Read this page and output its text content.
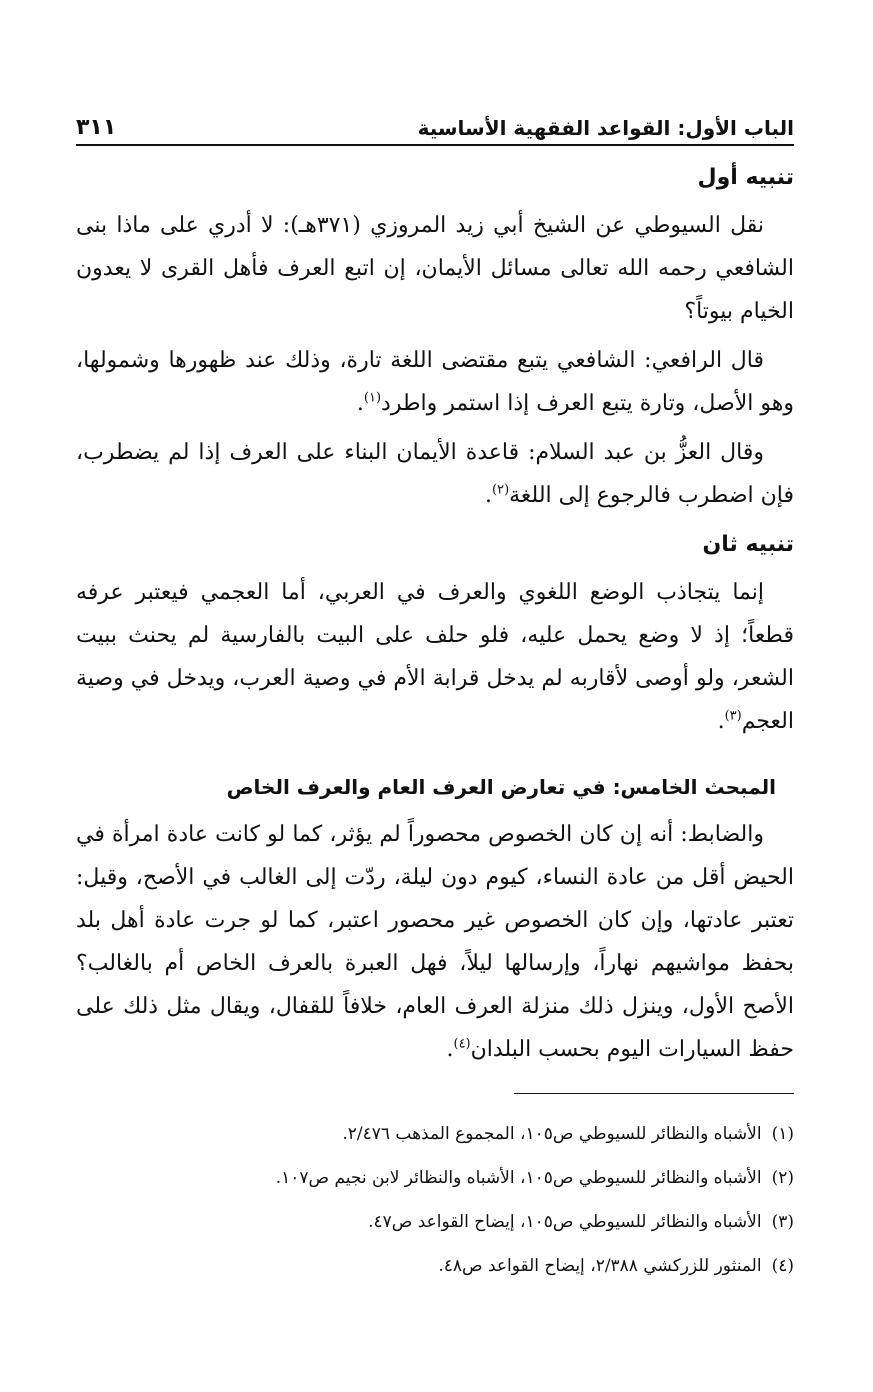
الباب الأول: القواعد الفقهية الأساسية
٣١١
تنبيه أول

نقل السيوطي عن الشيخ أبي زيد المروزي (٣٧١هـ): لا أدري على ماذا بنى الشافعي رحمه الله تعالى مسائل الأيمان، إن اتبع العرف فأهل القرى لا يعدون الخيام بيوتاً؟

قال الرافعي: الشافعي يتبع مقتضى اللغة تارة، وذلك عند ظهورها وشمولها، وهو الأصل، وتارة يتبع العرف إذا استمر واطرد$^{(١)}$.

وقال العزُّ بن عبد السلام: قاعدة الأيمان البناء على العرف إذا لم يضطرب، فإن اضطرب فالرجوع إلى اللغة$^{(٢)}$.

تنبيه ثان

إنما يتجاذب الوضع اللغوي والعرف في العربي، أما العجمي فيعتبر عرفه قطعاً؛ إذ لا وضع يحمل عليه، فلو حلف على البيت بالفارسية لم يحنث ببيت الشعر، ولو أوصى لأقاربه لم يدخل قرابة الأم في وصية العرب، ويدخل في وصية العجم$^{(٣)}$.

المبحث الخامس: في تعارض العرف العام والعرف الخاص

والضابط: أنه إن كان الخصوص محصوراً لم يؤثر، كما لو كانت عادة امرأة في الحيض أقل من عادة النساء، كيوم دون ليلة، ردّت إلى الغالب في الأصح، وقيل: تعتبر عادتها، وإن كان الخصوص غير محصور اعتبر، كما لو جرت عادة أهل بلد بحفظ مواشيهم نهاراً، وإرسالها ليلاً، فهل العبرة بالعرف الخاص أم بالغالب؟ الأصح الأول، وينزل ذلك منزلة العرف العام، خلافاً للقفال، ويقال مثل ذلك على حفظ السيارات اليوم بحسب البلدان$^{(٤)}$.

(١)الأشباه والنظائر للسيوطي ص١٠٥، المجموع المذهب ٢/٤٧٦.
(٢)الأشباه والنظائر للسيوطي ص١٠٥، الأشباه والنظائر لابن نجيم ص١٠٧.
(٣)الأشباه والنظائر للسيوطي ص١٠٥، إيضاح القواعد ص٤٧.
(٤)المنثور للزركشي ٢/٣٨٨، إيضاح القواعد ص٤٨.
